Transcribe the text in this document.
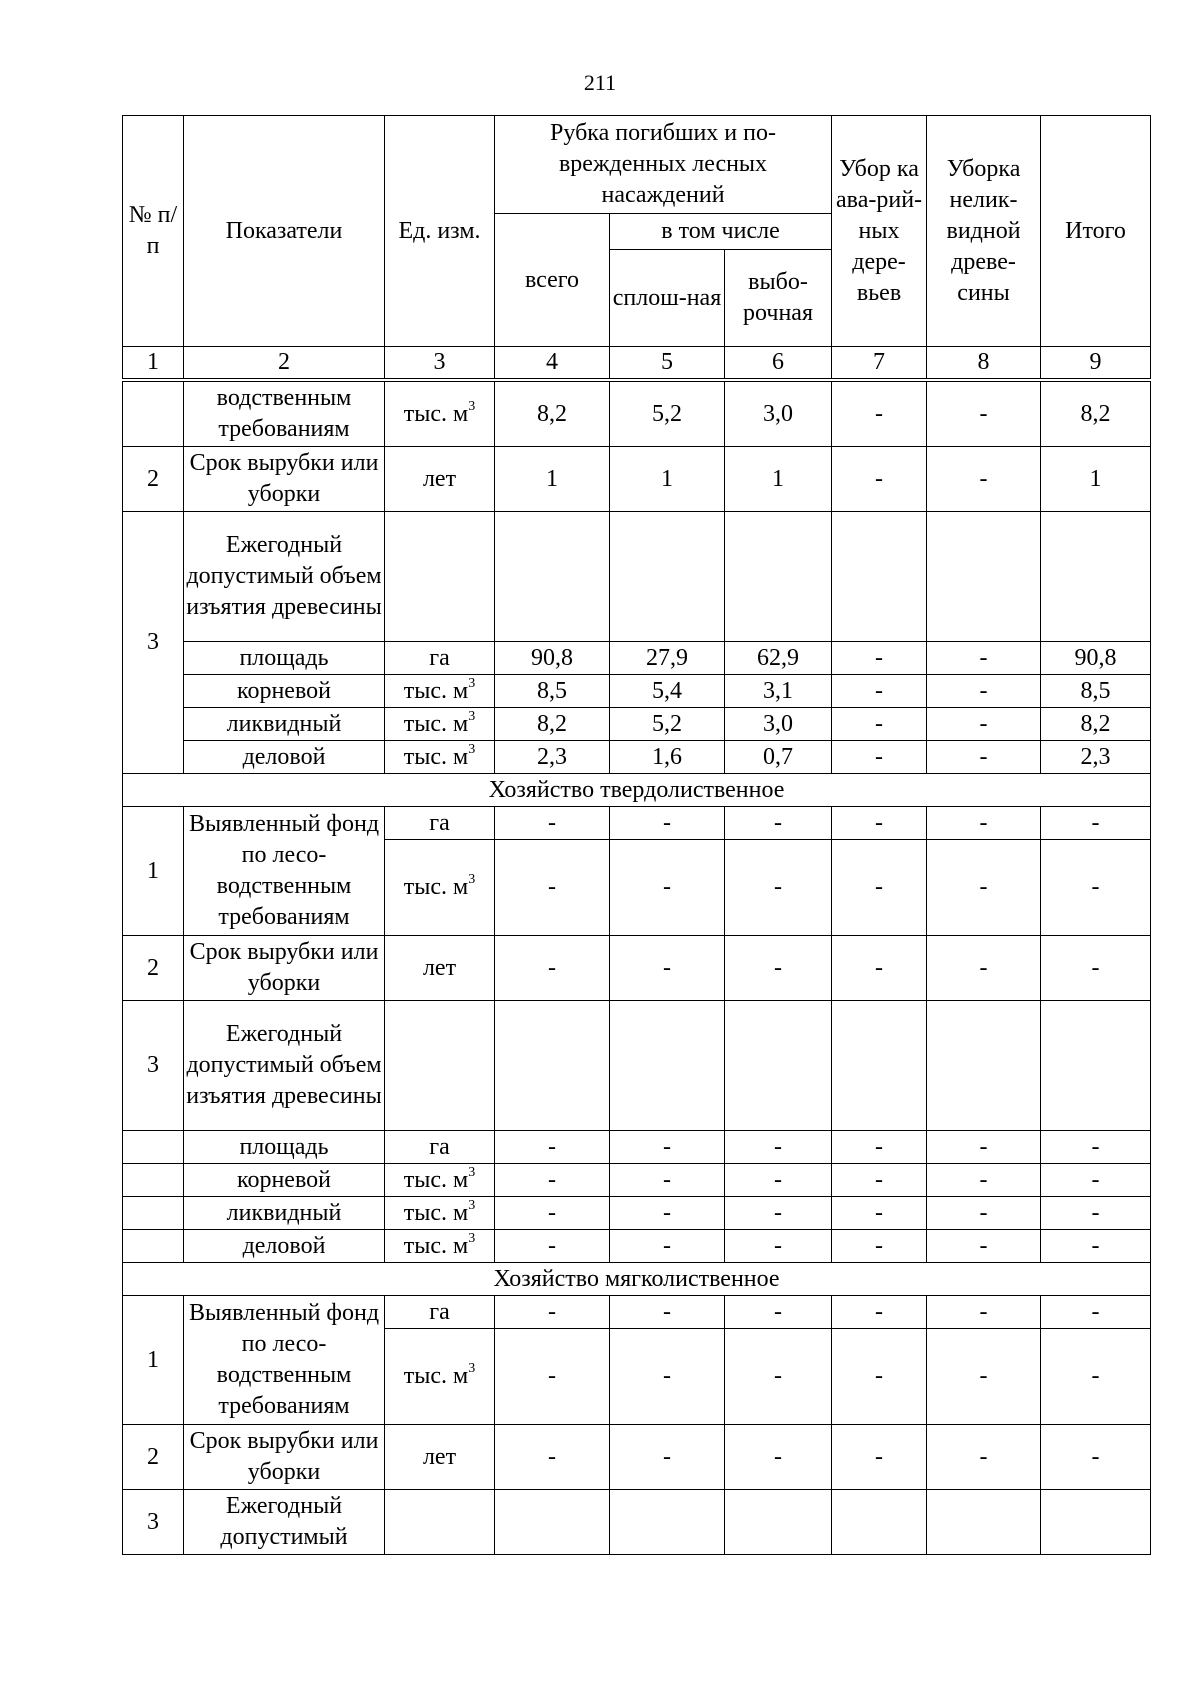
211
№ п/п	Показатели	Ед. изм.	Рубка погибших и по-врежденных лесных насаждений			Убор ка ава-рий-ных дере-вьев	Уборка нелик-видной древе-сины	Итого
			всего	в том числе				
				сплош-ная	выбо-рочная			
1	2	3	4	5	6	7	8	9
	водственным требованиям	тыс. $м^3$	8,2	5,2	3,0	-	-	8,2
2	Срок вырубки или уборки	лет	1	1	1	-	-	1
3	Ежегодный допустимый объем изъятия древесины							
	площадь	га	90,8	27,9	62,9	-	-	90,8
	корневой	тыс. $м^3$	8,5	5,4	3,1	-	-	8,5
	ликвидный	тыс. $м^3$	8,2	5,2	3,0	-	-	8,2
	деловой	тыс. $м^3$	2,3	1,6	0,7	-	-	2,3
Хозяйство твердолиственное								
1	Выявленный фонд по лесо-водственным требованиям	га	-	-	-	-	-	-
		тыс. $м^3$	-	-	-	-	-	-
2	Срок вырубки или уборки	лет	-	-	-	-	-	-
3	Ежегодный допустимый объем изъятия древесины							
	площадь	га	-	-	-	-	-	-
	корневой	тыс. $м^3$	-	-	-	-	-	-
	ликвидный	тыс. $м^3$	-	-	-	-	-	-
	деловой	тыс. $м^3$	-	-	-	-	-	-
Хозяйство мягколиственное								
1	Выявленный фонд по лесо-водственным требованиям	га	-	-	-	-	-	-
		тыс. $м^3$	-	-	-	-	-	-
2	Срок вырубки или уборки	лет	-	-	-	-	-	-
3	Ежегодный допустимый							
